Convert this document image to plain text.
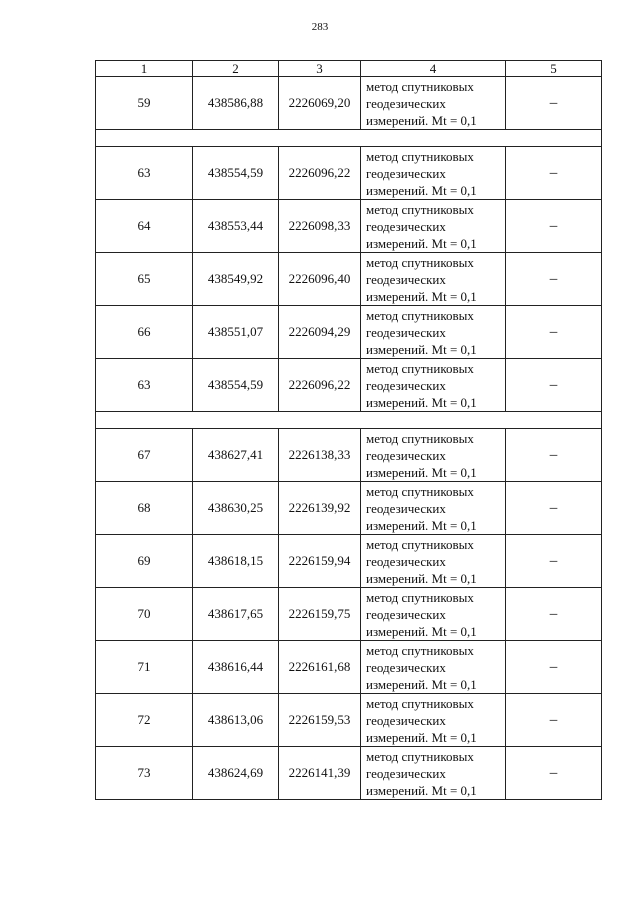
283
1	2	3	4	5
59	438586,88	2226069,20	метод спутниковых
геодезических
измерений. Mt = 0,1	–

63	438554,59	2226096,22	метод спутниковых
геодезических
измерений. Mt = 0,1	–
64	438553,44	2226098,33	метод спутниковых
геодезических
измерений. Mt = 0,1	–
65	438549,92	2226096,40	метод спутниковых
геодезических
измерений. Mt = 0,1	–
66	438551,07	2226094,29	метод спутниковых
геодезических
измерений. Mt = 0,1	–
63	438554,59	2226096,22	метод спутниковых
геодезических
измерений. Mt = 0,1	–

67	438627,41	2226138,33	метод спутниковых
геодезических
измерений. Mt = 0,1	–
68	438630,25	2226139,92	метод спутниковых
геодезических
измерений. Mt = 0,1	–
69	438618,15	2226159,94	метод спутниковых
геодезических
измерений. Mt = 0,1	–
70	438617,65	2226159,75	метод спутниковых
геодезических
измерений. Mt = 0,1	–
71	438616,44	2226161,68	метод спутниковых
геодезических
измерений. Mt = 0,1	–
72	438613,06	2226159,53	метод спутниковых
геодезических
измерений. Mt = 0,1	–
73	438624,69	2226141,39	метод спутниковых
геодезических
измерений. Mt = 0,1	–
